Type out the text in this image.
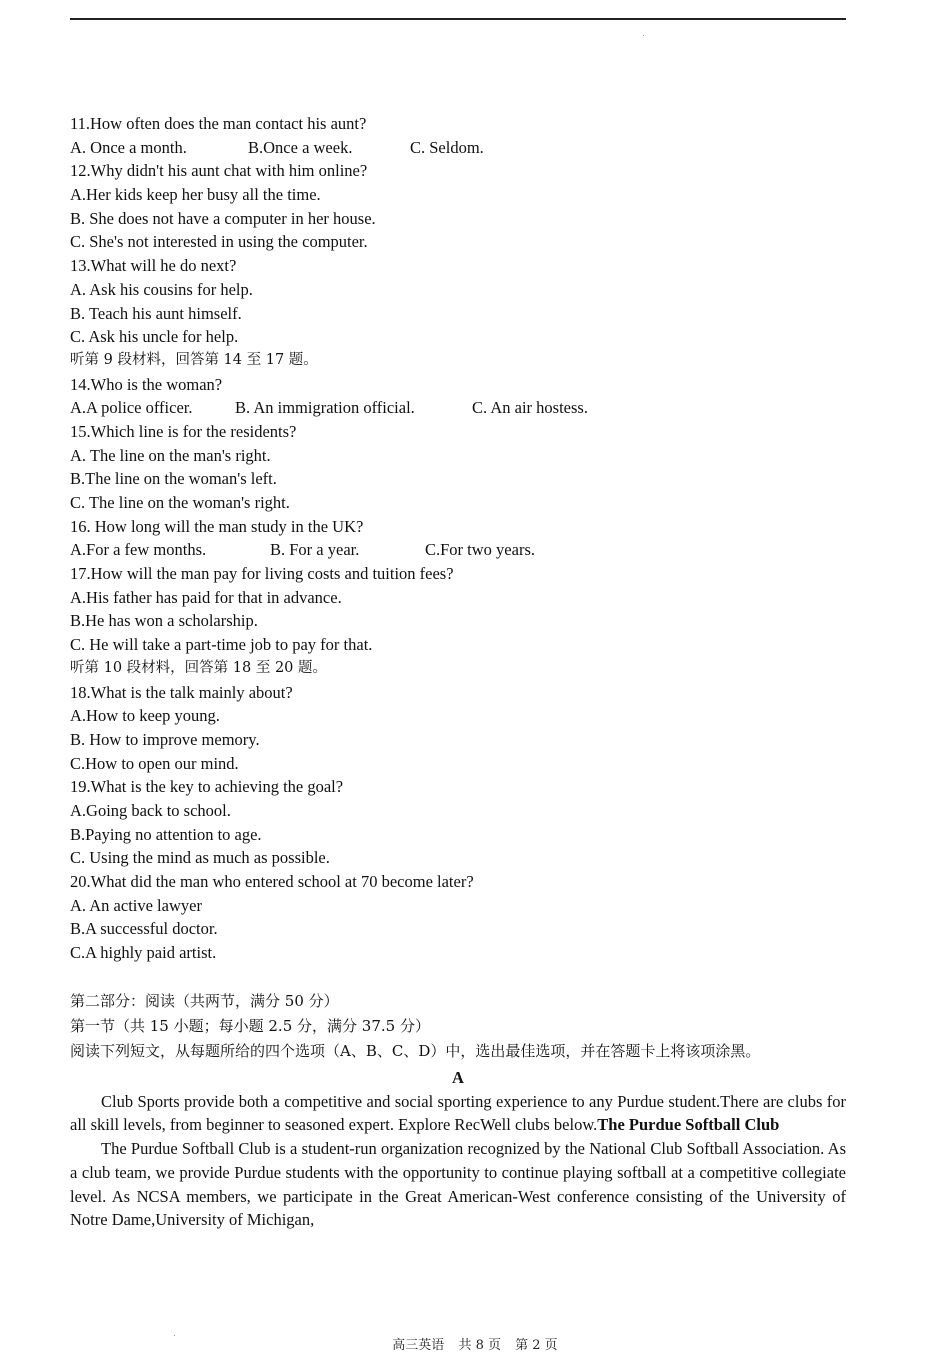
11.How often does the man contact his aunt?
A. Once a month.	B.Once a week.	C. Seldom.
12.Why didn't his aunt chat with him online?
A.Her kids keep her busy all the time.
B. She does not have a computer in her house.
C. She's not interested in using the computer.
13.What will he do next?
A. Ask his cousins for help.
B. Teach his aunt himself.
C. Ask his uncle for help.
听第 9 段材料，回答第 14 至 17 题。
14.Who is the woman?
A.A police officer.	B. An immigration official.	C. An air hostess.
15.Which line is for the residents?
A. The line on the man's right.
B.The line on the woman's left.
C. The line on the woman's right.
16. How long will the man study in the UK?
A.For a few months.	B. For a year.	C.For two years.
17.How will the man pay for living costs and tuition fees?
A.His father has paid for that in advance.
B.He has won a scholarship.
C. He will take a part-time job to pay for that.
听第 10 段材料，回答第 18 至 20 题。
18.What is the talk mainly about?
A.How to keep young.
B. How to improve memory.
C.How to open our mind.
19.What is the key to achieving the goal?
A.Going back to school.
B.Paying no attention to age.
C. Using the mind as much as possible.
20.What did the man who entered school at 70 become later?
A. An active lawyer
B.A successful doctor.
C.A highly paid artist.
第二部分：阅读（共两节，满分 50 分）
第一节（共 15 小题；每小题 2.5 分，满分 37.5 分）
阅读下列短文，从每题所给的四个选项（A、B、C、D）中，选出最佳选项，并在答题卡上将该项涂黑。
A
Club Sports provide both a competitive and social sporting experience to any Purdue student.There are clubs for all skill levels, from beginner to seasoned expert. Explore RecWell clubs below.The Purdue Softball Club
The Purdue Softball Club is a student-run organization recognized by the National Club Softball Association. As a club team, we provide Purdue students with the opportunity to continue playing softball at a competitive collegiate level. As NCSA members, we participate in the Great American-West conference consisting of the University of Notre Dame,University of Michigan,
高三英语 共 8 页 第 2 页
